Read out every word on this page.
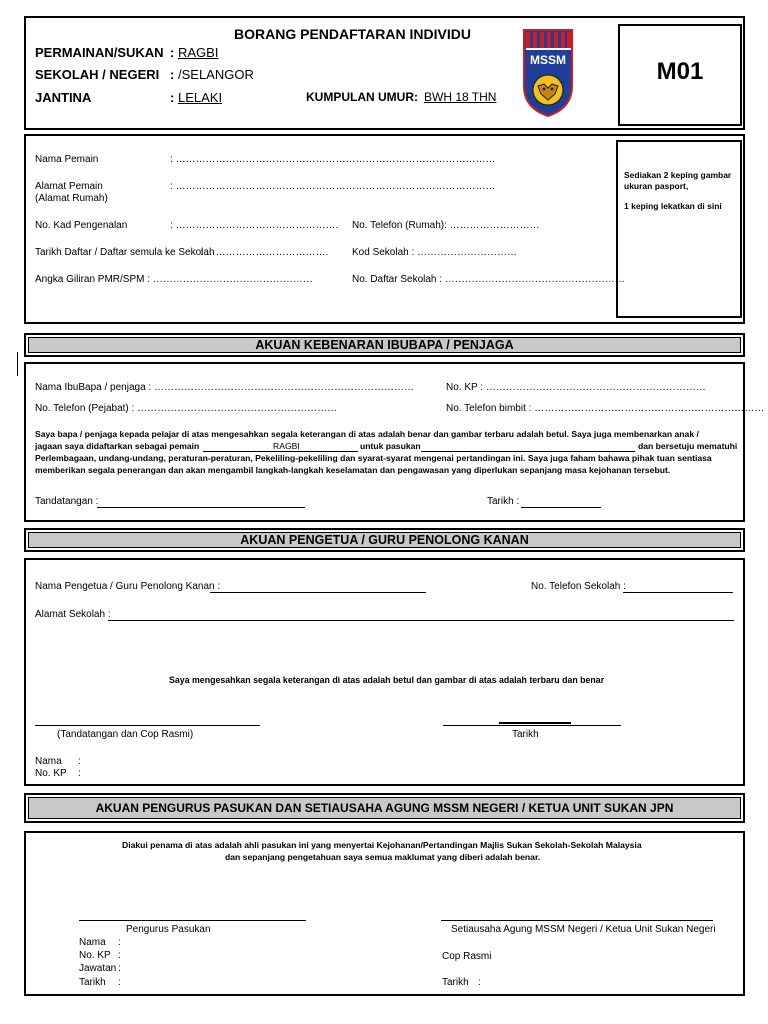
M01
BORANG PENDAFTARAN INDIVIDU
PERMAINAN/SUKAN : RAGBI
SEKOLAH / NEGERI : /SELANGOR
JANTINA	: LELAKI	KUMPULAN UMUR: BWH 18 THN
MSSM
Sediakan 2 keping gambar ukuran pasport,
1 keping lekatkan di sini
Nama Pemain	: ……………………………………………………………………………………
Alamat Pemain
(Alamat Rumah)
: ……………………………………………………………………………………
No. Kad Pengenalan	: …………………………………………. No. Telefon (Rumah): ………………………
Tarikh Daftar / Daftar semula ke Sekolah
: ………………………………. Kod Sekolah : …………………………
Angka Giliran PMR/SPM : …………………………………………	No. Daftar Sekolah : ………………………………………………
AKUAN KEBENARAN IBUBAPA / PENJAGA
Nama IbuBapa / penjaga : ……………………………………………………………………	No. KP : …………………………………………………………
No. Telefon (Pejabat) : ……………………………………………………	No. Telefon bimbit : ……………………………………………………………
Saya bapa / penjaga kepada pelajar di atas mengesahkan segala keterangan di atas adalah benar dan gambar terbaru adalah betul. Saya juga membenarkan anak /
jagaan saya didaftarkan sebagai pemain	RAGBI	untuk pasukan	dan bersetuju mematuhi
Perlembagaan, undang-undang, peraturan-peraturan, Pekeliling-pekeliling dan syarat-syarat mengenai pertandingan ini. Saya juga faham bahawa pihak tuan sentiasa
memberikan segala penerangan dan akan mengambil langkah-langkah keselamatan dan pengawasan yang diperlukan sepanjang masa kejohanan tersebut.
Tandatangan :	Tarikh :
AKUAN PENGETUA / GURU PENOLONG KANAN
Nama Pengetua / Guru Penolong Kanan :	No. Telefon Sekolah :
Alamat Sekolah :
Saya mengesahkan segala keterangan di atas adalah betul dan gambar di atas adalah terbaru dan benar
(Tandatangan dan Cop Rasmi)	Tarikh
Nama :
No. KP :
AKUAN PENGURUS PASUKAN DAN SETIAUSAHA AGUNG MSSM NEGERI / KETUA UNIT SUKAN JPN
Diakui penama di atas adalah ahli pasukan ini yang menyertai Kejohanan/Pertandingan Majlis Sukan Sekolah-Sekolah Malaysia
dan sepanjang pengetahuan saya semua maklumat yang diberi adalah benar.
Pengurus Pasukan	Setiausaha Agung MSSM Negeri / Ketua Unit Sukan Negeri
Nama :
No. KP :
Jawatan :
Tarikh :
Cop Rasmi
Tarikh :
